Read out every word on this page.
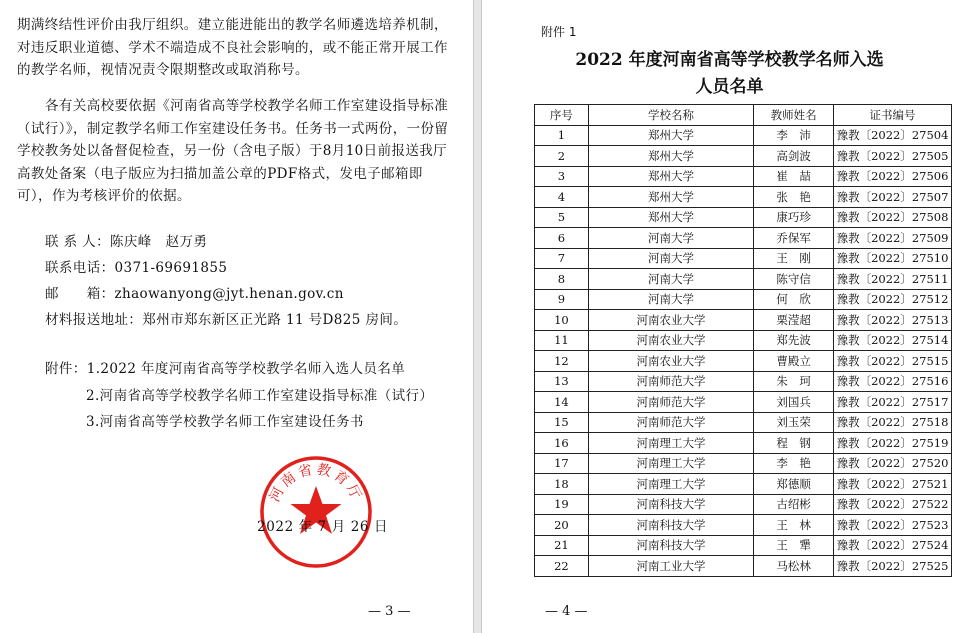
期满终结性评价由我厅组织。建立能进能出的教学名师遴选培养机制，对违反职业道德、学术不端造成不良社会影响的，或不能正常开展工作的教学名师，视情况责令限期整改或取消称号。
各有关高校要依据《河南省高等学校教学名师工作室建设指导标准（试行）》，制定教学名师工作室建设任务书。任务书一式两份，一份留学校教务处以备督促检查，另一份（含电子版）于8月10日前报送我厅高教处备案（电子版应为扫描加盖公章的PDF格式，发电子邮箱即可），作为考核评价的依据。
联 系 人：陈庆峰　赵万勇
联系电话：0371-69691855
邮　　箱：zhaowanyong@jyt.henan.gov.cn
材料报送地址：郑州市郑东新区正光路 11 号D825 房间。
附件：1.2022 年度河南省高等学校教学名师入选人员名单
2.河南省高等学校教学名师工作室建设指导标准（试行）
3.河南省高等学校教学名师工作室建设任务书
河南省教育厅
2022 年 7 月 26 日
— 3 —
附件 1
2022 年度河南省高等学校教学名师入选
人员名单
序号	学校名称	教师姓名	证书编号
1	郑州大学	李　沛	豫教〔2022〕27504
2	郑州大学	高剑波	豫教〔2022〕27505
3	郑州大学	崔　喆	豫教〔2022〕27506
4	郑州大学	张　艳	豫教〔2022〕27507
5	郑州大学	康巧珍	豫教〔2022〕27508
6	河南大学	乔保军	豫教〔2022〕27509
7	河南大学	王　刚	豫教〔2022〕27510
8	河南大学	陈守信	豫教〔2022〕27511
9	河南大学	何　欣	豫教〔2022〕27512
10	河南农业大学	栗滢超	豫教〔2022〕27513
11	河南农业大学	郑先波	豫教〔2022〕27514
12	河南农业大学	曹殿立	豫教〔2022〕27515
13	河南师范大学	朱　珂	豫教〔2022〕27516
14	河南师范大学	刘国兵	豫教〔2022〕27517
15	河南师范大学	刘玉荣	豫教〔2022〕27518
16	河南理工大学	程　钢	豫教〔2022〕27519
17	河南理工大学	李　艳	豫教〔2022〕27520
18	河南理工大学	郑德顺	豫教〔2022〕27521
19	河南科技大学	古绍彬	豫教〔2022〕27522
20	河南科技大学	王　林	豫教〔2022〕27523
21	河南科技大学	王　犟	豫教〔2022〕27524
22	河南工业大学	马松林	豫教〔2022〕27525
— 4 —
